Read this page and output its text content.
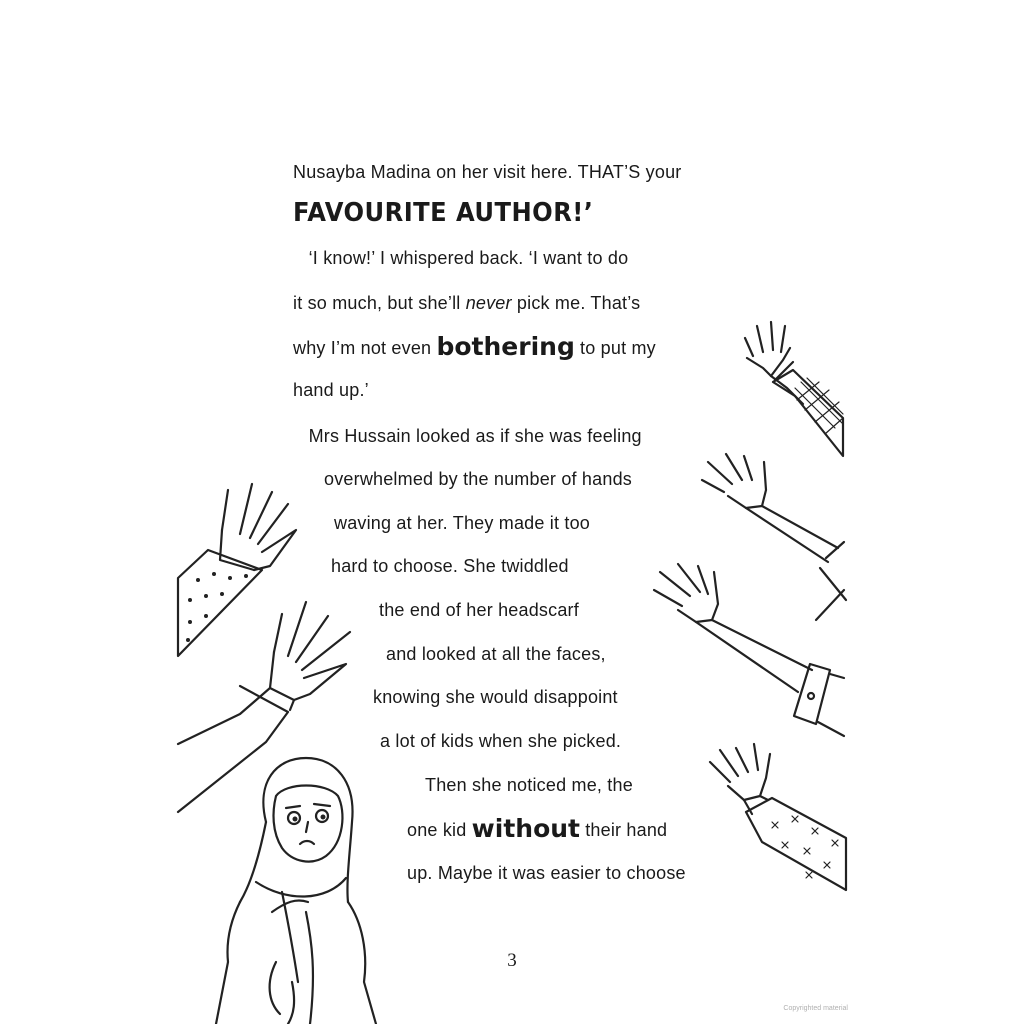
Nusayba Madina on her visit here. THAT’S your
FAVOURITE AUTHOR!’
‘I know!’ I whispered back. ‘I want to do
it so much, but she’ll never pick me. That’s
why I’m not even bothering to put my
hand up.’
Mrs Hussain looked as if she was feeling
overwhelmed by the number of hands
waving at her. They made it too
hard to choose. She twiddled
the end of her headscarf
and looked at all the faces,
knowing she would disappoint
a lot of kids when she picked.
Then she noticed me, the
one kid without their hand
up. Maybe it was easier to choose
3
Copyrighted material
